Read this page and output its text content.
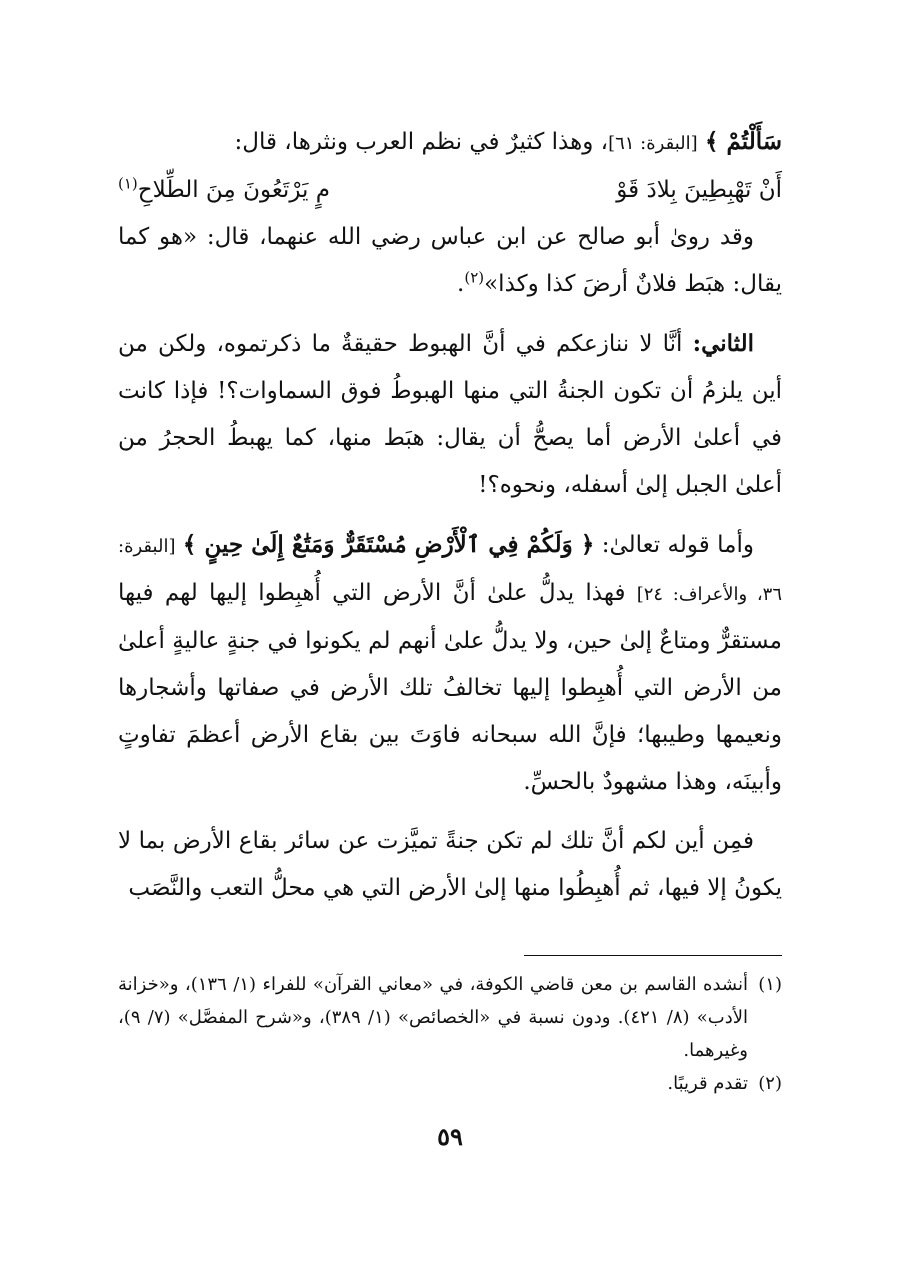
سَأَلْتُمْ ﴾ [البقرة: ٦١]، وهذا كثيرٌ في نظم العرب ونثرها، قال:

أَنْ تَهْبِطِينَ بِلادَ قَوْ
مٍ يَرْتَعُونَ مِنَ الطِّلاحِ$^{(١)}$

وقد رویٰ أبو صالح عن ابن عباس رضي الله عنهما، قال: «هو كما يقال: هبَط فلانٌ أرضَ كذا وكذا»$^{(٢)}$.

الثاني: أنَّا لا ننازعكم في أنَّ الهبوط حقيقةٌ ما ذكرتموه، ولكن من أين يلزمُ أن تكون الجنةُ التي منها الهبوطُ فوق السماوات؟! فإذا كانت في أعلىٰ الأرض أما يصحُّ أن يقال: هبَط منها، كما يهبطُ الحجرُ من أعلىٰ الجبل إلىٰ أسفله، ونحوه؟!

وأما قوله تعالىٰ: ﴿ وَلَكُمْ فِي ٱلْأَرْضِ مُسْتَقَرٌّ وَمَتَٰعٌ إِلَىٰ حِينٍ ﴾ [البقرة: ٣٦، والأعراف: ٢٤] فهذا يدلُّ علىٰ أنَّ الأرض التي أُهبِطوا إليها لهم فيها مستقرٌّ ومتاعٌ إلىٰ حين، ولا يدلُّ علىٰ أنهم لم يكونوا في جنةٍ عاليةٍ أعلىٰ من الأرض التي أُهبِطوا إليها تخالفُ تلك الأرض في صفاتها وأشجارها ونعيمها وطيبها؛ فإنَّ الله سبحانه فاوَتَ بين بقاع الأرض أعظمَ تفاوتٍ وأبينَه، وهذا مشهودٌ بالحسِّ.

فمِن أين لكم أنَّ تلك لم تكن جنةً تميَّزت عن سائر بقاع الأرض بما لا يكونُ إلا فيها، ثم أُهبِطُوا منها إلىٰ الأرض التي هي محلُّ التعب والنَّصَب

(١)
أنشده القاسم بن معن قاضي الكوفة، في «معاني القرآن» للفراء (١/ ١٣٦)، و«خزانة الأدب» (٨/ ٤٢١). ودون نسبة في «الخصائص» (١/ ٣٨٩)، و«شرح المفصَّل» (٧/ ٩)، وغيرهما.
(٢)
تقدم قريبًا.
٥٩
